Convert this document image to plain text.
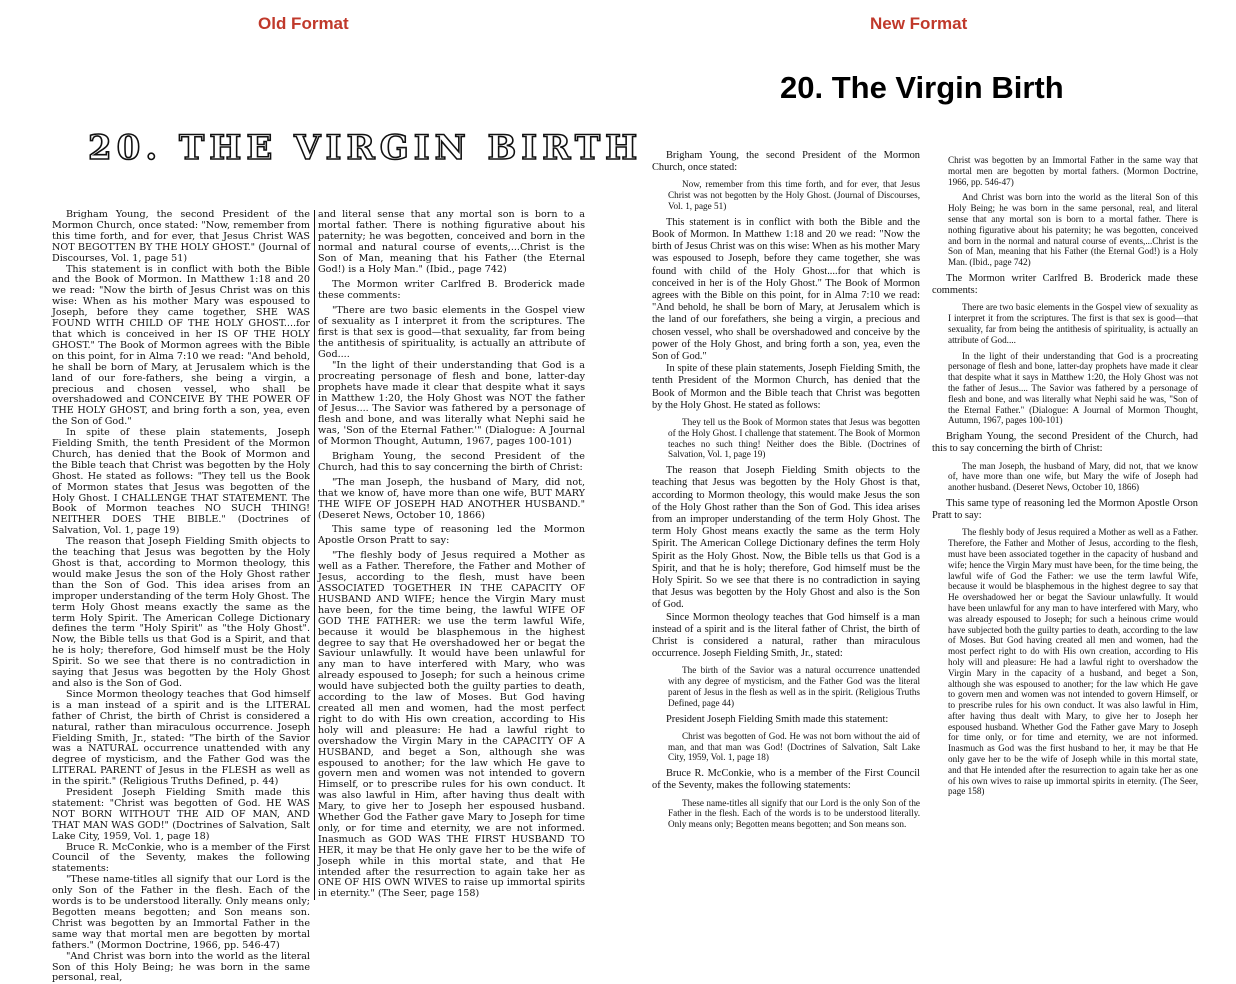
Old Format	New Format
20. THE VIRGIN BIRTH

Brigham Young, the second President of the Mormon Church, once stated: "Now, remember from this time forth, and for ever, that Jesus Christ WAS NOT BEGOTTEN BY THE HOLY GHOST." (Journal of Discourses, Vol. 1, page 51)

This statement is in conflict with both the Bible and the Book of Mormon. In Matthew 1:18 and 20 we read: "Now the birth of Jesus Christ was on this wise: When as his mother Mary was espoused to Joseph, before they came together, SHE WAS FOUND WITH CHILD OF THE HOLY GHOST....for that which is conceived in her IS OF THE HOLY GHOST." The Book of Mormon agrees with the Bible on this point, for in Alma 7:10 we read: "And behold, he shall be born of Mary, at Jerusalem which is the land of our fore-fathers, she being a virgin, a precious and chosen vessel, who shall be overshadowed and CONCEIVE BY THE POWER OF THE HOLY GHOST, and bring forth a son, yea, even the Son of God."

In spite of these plain statements, Joseph Fielding Smith, the tenth President of the Mormon Church, has denied that the Book of Mormon and the Bible teach that Christ was begotten by the Holy Ghost. He stated as follows: "They tell us the Book of Mormon states that Jesus was begotten of the Holy Ghost. I CHALLENGE THAT STATEMENT. The Book of Mormon teaches NO SUCH THING! NEITHER DOES THE BIBLE." (Doctrines of Salvation, Vol. 1, page 19)

The reason that Joseph Fielding Smith objects to the teaching that Jesus was begotten by the Holy Ghost is that, according to Mormon theology, this would make Jesus the son of the Holy Ghost rather than the Son of God. This idea arises from an improper understanding of the term Holy Ghost. The term Holy Ghost means exactly the same as the term Holy Spirit. The American College Dictionary defines the term "Holy Spirit" as "the Holy Ghost". Now, the Bible tells us that God is a Spirit, and that he is holy; therefore, God himself must be the Holy Spirit. So we see that there is no contradiction in saying that Jesus was begotten by the Holy Ghost and also is the Son of God.

Since Mormon theology teaches that God himself is a man instead of a spirit and is the LITERAL father of Christ, the birth of Christ is considered a natural, rather than miraculous occurrence. Joseph Fielding Smith, Jr., stated: "The birth of the Savior was a NATURAL occurrence unattended with any degree of mysticism, and the Father God was the LITERAL PARENT of Jesus in the FLESH as well as in the spirit." (Religious Truths Defined, p. 44)

President Joseph Fielding Smith made this statement: "Christ was begotten of God. HE WAS NOT BORN WITHOUT THE AID OF MAN, AND THAT MAN WAS GOD!" (Doctrines of Salvation, Salt Lake City, 1959, Vol. 1, page 18)

Bruce R. McConkie, who is a member of the First Council of the Seventy, makes the following statements:

"These name-titles all signify that our Lord is the only Son of the Father in the flesh. Each of the words is to be understood literally. Only means only; Begotten means begotten; and Son means son. Christ was begotten by an Immortal Father in the same way that mortal men are begotten by mortal fathers." (Mormon Doctrine, 1966, pp. 546-47)

"And Christ was born into the world as the literal Son of this Holy Being; he was born in the same personal, real,

and literal sense that any mortal son is born to a mortal father. There is nothing figurative about his paternity; he was begotten, conceived and born in the normal and natural course of events,...Christ is the Son of Man, meaning that his Father (the Eternal God!) is a Holy Man." (Ibid., page 742)

The Mormon writer Carlfred B. Broderick made these comments:

"There are two basic elements in the Gospel view of sexuality as I interpret it from the scriptures. The first is that sex is good—that sexuality, far from being the antithesis of spirituality, is actually an attribute of God....

"In the light of their understanding that God is a procreating personage of flesh and bone, latter-day prophets have made it clear that despite what it says in Matthew 1:20, the Holy Ghost was NOT the father of Jesus.... The Savior was fathered by a personage of flesh and bone, and was literally what Nephi said he was, 'Son of the Eternal Father.'" (Dialogue: A Journal of Mormon Thought, Autumn, 1967, pages 100-101)

Brigham Young, the second President of the Church, had this to say concerning the birth of Christ:

"The man Joseph, the husband of Mary, did not, that we know of, have more than one wife, BUT MARY THE WIFE OF JOSEPH HAD ANOTHER HUSBAND." (Deseret News, October 10, 1866)

This same type of reasoning led the Mormon Apostle Orson Pratt to say:

"The fleshly body of Jesus required a Mother as well as a Father. Therefore, the Father and Mother of Jesus, according to the flesh, must have been ASSOCIATED TOGETHER IN THE CAPACITY OF HUSBAND AND WIFE; hence the Virgin Mary must have been, for the time being, the lawful WIFE OF GOD THE FATHER: we use the term lawful Wife, because it would be blasphemous in the highest degree to say that He overshadowed her or begat the Saviour unlawfully. It would have been unlawful for any man to have interfered with Mary, who was already espoused to Joseph; for such a heinous crime would have subjected both the guilty parties to death, according to the law of Moses. But God having created all men and women, had the most perfect right to do with His own creation, according to His holy will and pleasure: He had a lawful right to overshadow the Virgin Mary in the CAPACITY OF A HUSBAND, and beget a Son, although she was espoused to another; for the law which He gave to govern men and women was not intended to govern Himself, or to prescribe rules for his own conduct. It was also lawful in Him, after having thus dealt with Mary, to give her to Joseph her espoused husband. Whether God the Father gave Mary to Joseph for time only, or for time and eternity, we are not informed. Inasmuch as GOD WAS THE FIRST HUSBAND TO HER, it may be that He only gave her to be the wife of Joseph while in this mortal state, and that He intended after the resurrection to again take her as ONE OF HIS OWN WIVES to raise up immortal spirits in eternity." (The Seer, page 158)

20. The Virgin Birth

Brigham Young, the second President of the Mormon Church, once stated:

Now, remember from this time forth, and for ever, that Jesus Christ was not begotten by the Holy Ghost. (Journal of Discourses, Vol. 1, page 51)

This statement is in conflict with both the Bible and the Book of Mormon. In Matthew 1:18 and 20 we read: "Now the birth of Jesus Christ was on this wise: When as his mother Mary was espoused to Joseph, before they came together, she was found with child of the Holy Ghost....for that which is conceived in her is of the Holy Ghost." The Book of Mormon agrees with the Bible on this point, for in Alma 7:10 we read: "And behold, he shall be born of Mary, at Jerusalem which is the land of our forefathers, she being a virgin, a precious and chosen vessel, who shall be overshadowed and conceive by the power of the Holy Ghost, and bring forth a son, yea, even the Son of God."

In spite of these plain statements, Joseph Fielding Smith, the tenth President of the Mormon Church, has denied that the Book of Mormon and the Bible teach that Christ was begotten by the Holy Ghost. He stated as follows:

They tell us the Book of Mormon states that Jesus was begotten of the Holy Ghost. I challenge that statement. The Book of Mormon teaches no such thing! Neither does the Bible. (Doctrines of Salvation, Vol. 1, page 19)

The reason that Joseph Fielding Smith objects to the teaching that Jesus was begotten by the Holy Ghost is that, according to Mormon theology, this would make Jesus the son of the Holy Ghost rather than the Son of God. This idea arises from an improper understanding of the term Holy Ghost. The term Holy Ghost means exactly the same as the term Holy Spirit. The American College Dictionary defines the term Holy Spirit as the Holy Ghost. Now, the Bible tells us that God is a Spirit, and that he is holy; therefore, God himself must be the Holy Spirit. So we see that there is no contradiction in saying that Jesus was begotten by the Holy Ghost and also is the Son of God.

Since Mormon theology teaches that God himself is a man instead of a spirit and is the literal father of Christ, the birth of Christ is considered a natural, rather than miraculous occurrence. Joseph Fielding Smith, Jr., stated:

The birth of the Savior was a natural occurrence unattended with any degree of mysticism, and the Father God was the literal parent of Jesus in the flesh as well as in the spirit. (Religious Truths Defined, page 44)

President Joseph Fielding Smith made this statement:

Christ was begotten of God. He was not born without the aid of man, and that man was God! (Doctrines of Salvation, Salt Lake City, 1959, Vol. 1, page 18)

Bruce R. McConkie, who is a member of the First Council of the Seventy, makes the following statements:

These name-titles all signify that our Lord is the only Son of the Father in the flesh. Each of the words is to be understood literally. Only means only; Begotten means begotten; and Son means son.

Christ was begotten by an Immortal Father in the same way that mortal men are begotten by mortal fathers. (Mormon Doctrine, 1966, pp. 546-47)

And Christ was born into the world as the literal Son of this Holy Being; he was born in the same personal, real, and literal sense that any mortal son is born to a mortal father. There is nothing figurative about his paternity; he was begotten, conceived and born in the normal and natural course of events,...Christ is the Son of Man, meaning that his Father (the Eternal God!) is a Holy Man. (Ibid., page 742)

The Mormon writer Carlfred B. Broderick made these comments:

There are two basic elements in the Gospel view of sexuality as I interpret it from the scriptures. The first is that sex is good—that sexuality, far from being the antithesis of spirituality, is actually an attribute of God....

In the light of their understanding that God is a procreating personage of flesh and bone, latter-day prophets have made it clear that despite what it says in Matthew 1:20, the Holy Ghost was not the father of Jesus.... The Savior was fathered by a personage of flesh and bone, and was literally what Nephi said he was, "Son of the Eternal Father." (Dialogue: A Journal of Mormon Thought, Autumn, 1967, pages 100-101)

Brigham Young, the second President of the Church, had this to say concerning the birth of Christ:

The man Joseph, the husband of Mary, did not, that we know of, have more than one wife, but Mary the wife of Joseph had another husband. (Deseret News, October 10, 1866)

This same type of reasoning led the Mormon Apostle Orson Pratt to say:

The fleshly body of Jesus required a Mother as well as a Father. Therefore, the Father and Mother of Jesus, according to the flesh, must have been associated together in the capacity of husband and wife; hence the Virgin Mary must have been, for the time being, the lawful wife of God the Father: we use the term lawful Wife, because it would be blasphemous in the highest degree to say that He overshadowed her or begat the Saviour unlawfully. It would have been unlawful for any man to have interfered with Mary, who was already espoused to Joseph; for such a heinous crime would have subjected both the guilty parties to death, according to the law of Moses. But God having created all men and women, had the most perfect right to do with His own creation, according to His holy will and pleasure: He had a lawful right to overshadow the Virgin Mary in the capacity of a husband, and beget a Son, although she was espoused to another; for the law which He gave to govern men and women was not intended to govern Himself, or to prescribe rules for his own conduct. It was also lawful in Him, after having thus dealt with Mary, to give her to Joseph her espoused husband. Whether God the Father gave Mary to Joseph for time only, or for time and eternity, we are not informed. Inasmuch as God was the first husband to her, it may be that He only gave her to be the wife of Joseph while in this mortal state, and that He intended after the resurrection to again take her as one of his own wives to raise up immortal spirits in eternity. (The Seer, page 158)
